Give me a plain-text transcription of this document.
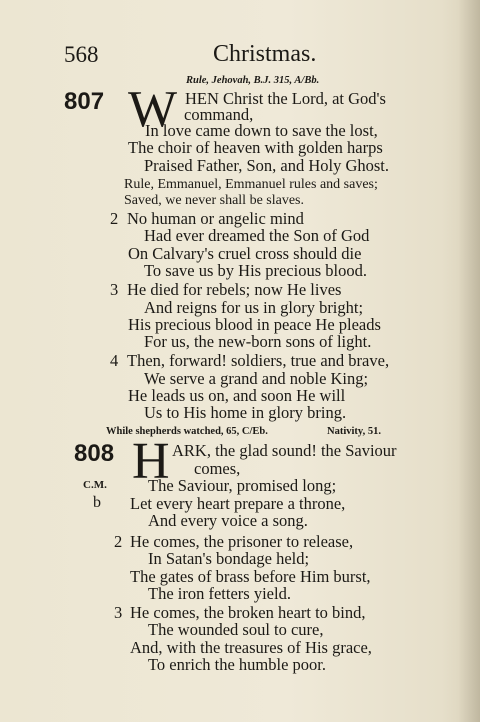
568	Christmas.
Rule, Jehovah, B.J. 315, A/Bb.
807 W HEN Christ the Lord, at God's
command,
In love came down to save the lost,
The choir of heaven with golden harps
Praised Father, Son, and Holy Ghost.
Rule, Emmanuel, Emmanuel rules and saves;
Saved, we never shall be slaves.
2 No human or angelic mind
Had ever dreamed the Son of God
On Calvary's cruel cross should die
To save us by His precious blood.
3 He died for rebels; now He lives
And reigns for us in glory bright;
His precious blood in peace He pleads
For us, the new-born sons of light.
4 Then, forward! soldiers, true and brave,
We serve a grand and noble King;
He leads us on, and soon He will
Us to His home in glory bring.
While shepherds watched, 65, C/Eb.	Nativity, 51.
808 H ARK, the glad sound! the Saviour
comes,
C.M. The Saviour, promised long;
b Let every heart prepare a throne,
And every voice a song.
2 He comes, the prisoner to release,
In Satan's bondage held;
The gates of brass before Him burst,
The iron fetters yield.
3 He comes, the broken heart to bind,
The wounded soul to cure,
And, with the treasures of His grace,
To enrich the humble poor.
